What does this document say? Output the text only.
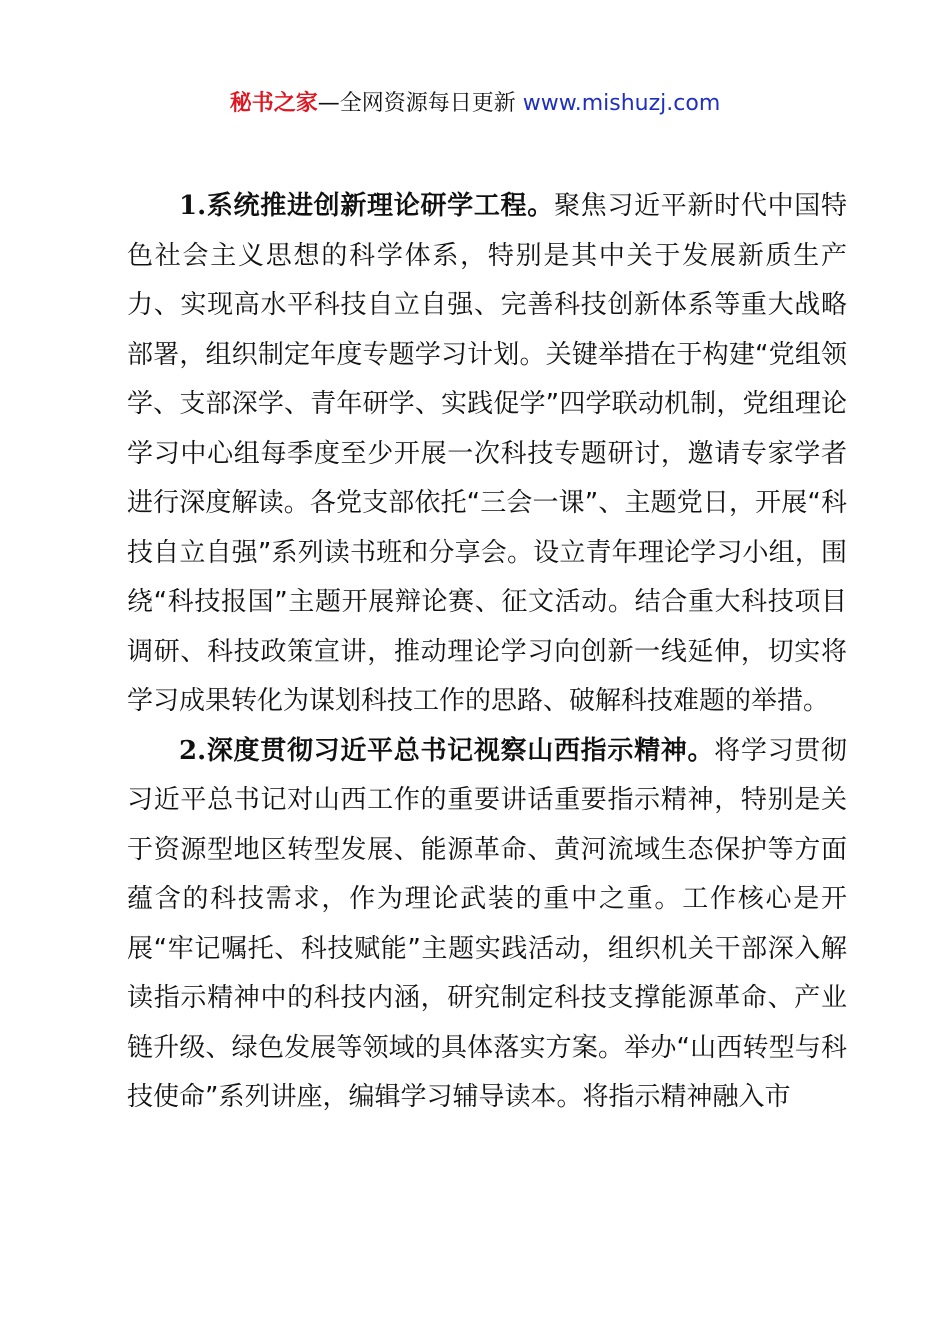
秘书之家—全网资源每日更新 www.mishuzj.com

1.系统推进创新理论研学工程。聚焦习近平新时代中国特色社会主义思想的科学体系，特别是其中关于发展新质生产力、实现高水平科技自立自强、完善科技创新体系等重大战略部署，组织制定年度专题学习计划。关键举措在于构建“党组领学、支部深学、青年研学、实践促学”四学联动机制，党组理论学习中心组每季度至少开展一次科技专题研讨，邀请专家学者进行深度解读。各党支部依托“三会一课”、主题党日，开展“科技自立自强”系列读书班和分享会。设立青年理论学习小组，围绕“科技报国”主题开展辩论赛、征文活动。结合重大科技项目调研、科技政策宣讲，推动理论学习向创新一线延伸，切实将学习成果转化为谋划科技工作的思路、破解科技难题的举措。

2.深度贯彻习近平总书记视察山西指示精神。将学习贯彻习近平总书记对山西工作的重要讲话重要指示精神，特别是关于资源型地区转型发展、能源革命、黄河流域生态保护等方面蕴含的科技需求，作为理论武装的重中之重。工作核心是开展“牢记嘱托、科技赋能”主题实践活动，组织机关干部深入解读指示精神中的科技内涵，研究制定科技支撑能源革命、产业链升级、绿色发展等领域的具体落实方案。举办“山西转型与科技使命”系列讲座，编辑学习辅导读本。将指示精神融入市
